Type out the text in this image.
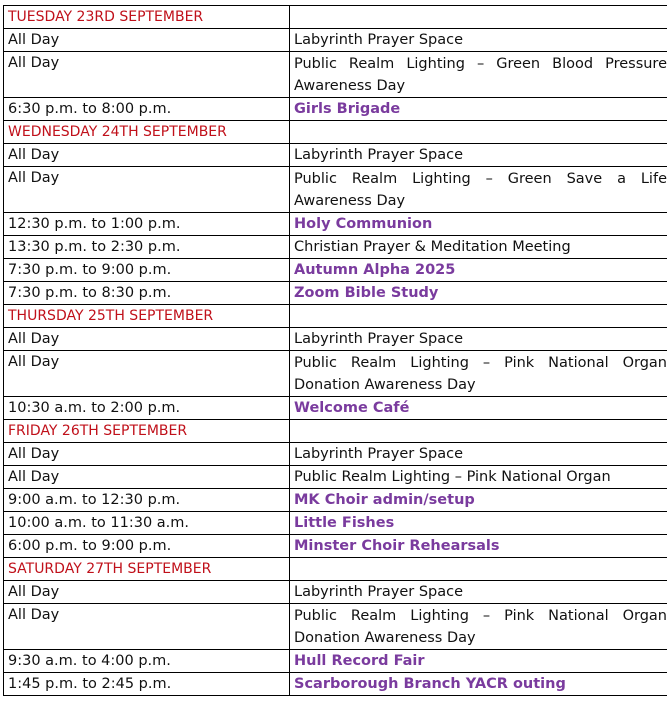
TUESDAY 23RD SEPTEMBER	
All Day	Labyrinth Prayer Space
All Day	Public Realm Lighting – Green Blood Pressure Awareness Day
6:30 p.m. to 8:00 p.m.	Girls Brigade
WEDNESDAY 24TH SEPTEMBER	
All Day	Labyrinth Prayer Space
All Day	Public Realm Lighting – Green Save a Life Awareness Day
12:30 p.m. to 1:00 p.m.	Holy Communion
13:30 p.m. to 2:30 p.m.	Christian Prayer & Meditation Meeting
7:30 p.m. to 9:00 p.m.	Autumn Alpha 2025
7:30 p.m. to 8:30 p.m.	Zoom Bible Study
THURSDAY 25TH SEPTEMBER	
All Day	Labyrinth Prayer Space
All Day	Public Realm Lighting – Pink National Organ Donation Awareness Day
10:30 a.m. to 2:00 p.m.	Welcome Café
FRIDAY 26TH SEPTEMBER	
All Day	Labyrinth Prayer Space
All Day	Public Realm Lighting – Pink National Organ
9:00 a.m. to 12:30 p.m.	MK Choir admin/setup
10:00 a.m. to 11:30 a.m.	Little Fishes
6:00 p.m. to 9:00 p.m.	Minster Choir Rehearsals
SATURDAY 27TH SEPTEMBER	
All Day	Labyrinth Prayer Space
All Day	Public Realm Lighting – Pink National Organ Donation Awareness Day
9:30 a.m. to 4:00 p.m.	Hull Record Fair
1:45 p.m. to 2:45 p.m.	Scarborough Branch YACR outing
